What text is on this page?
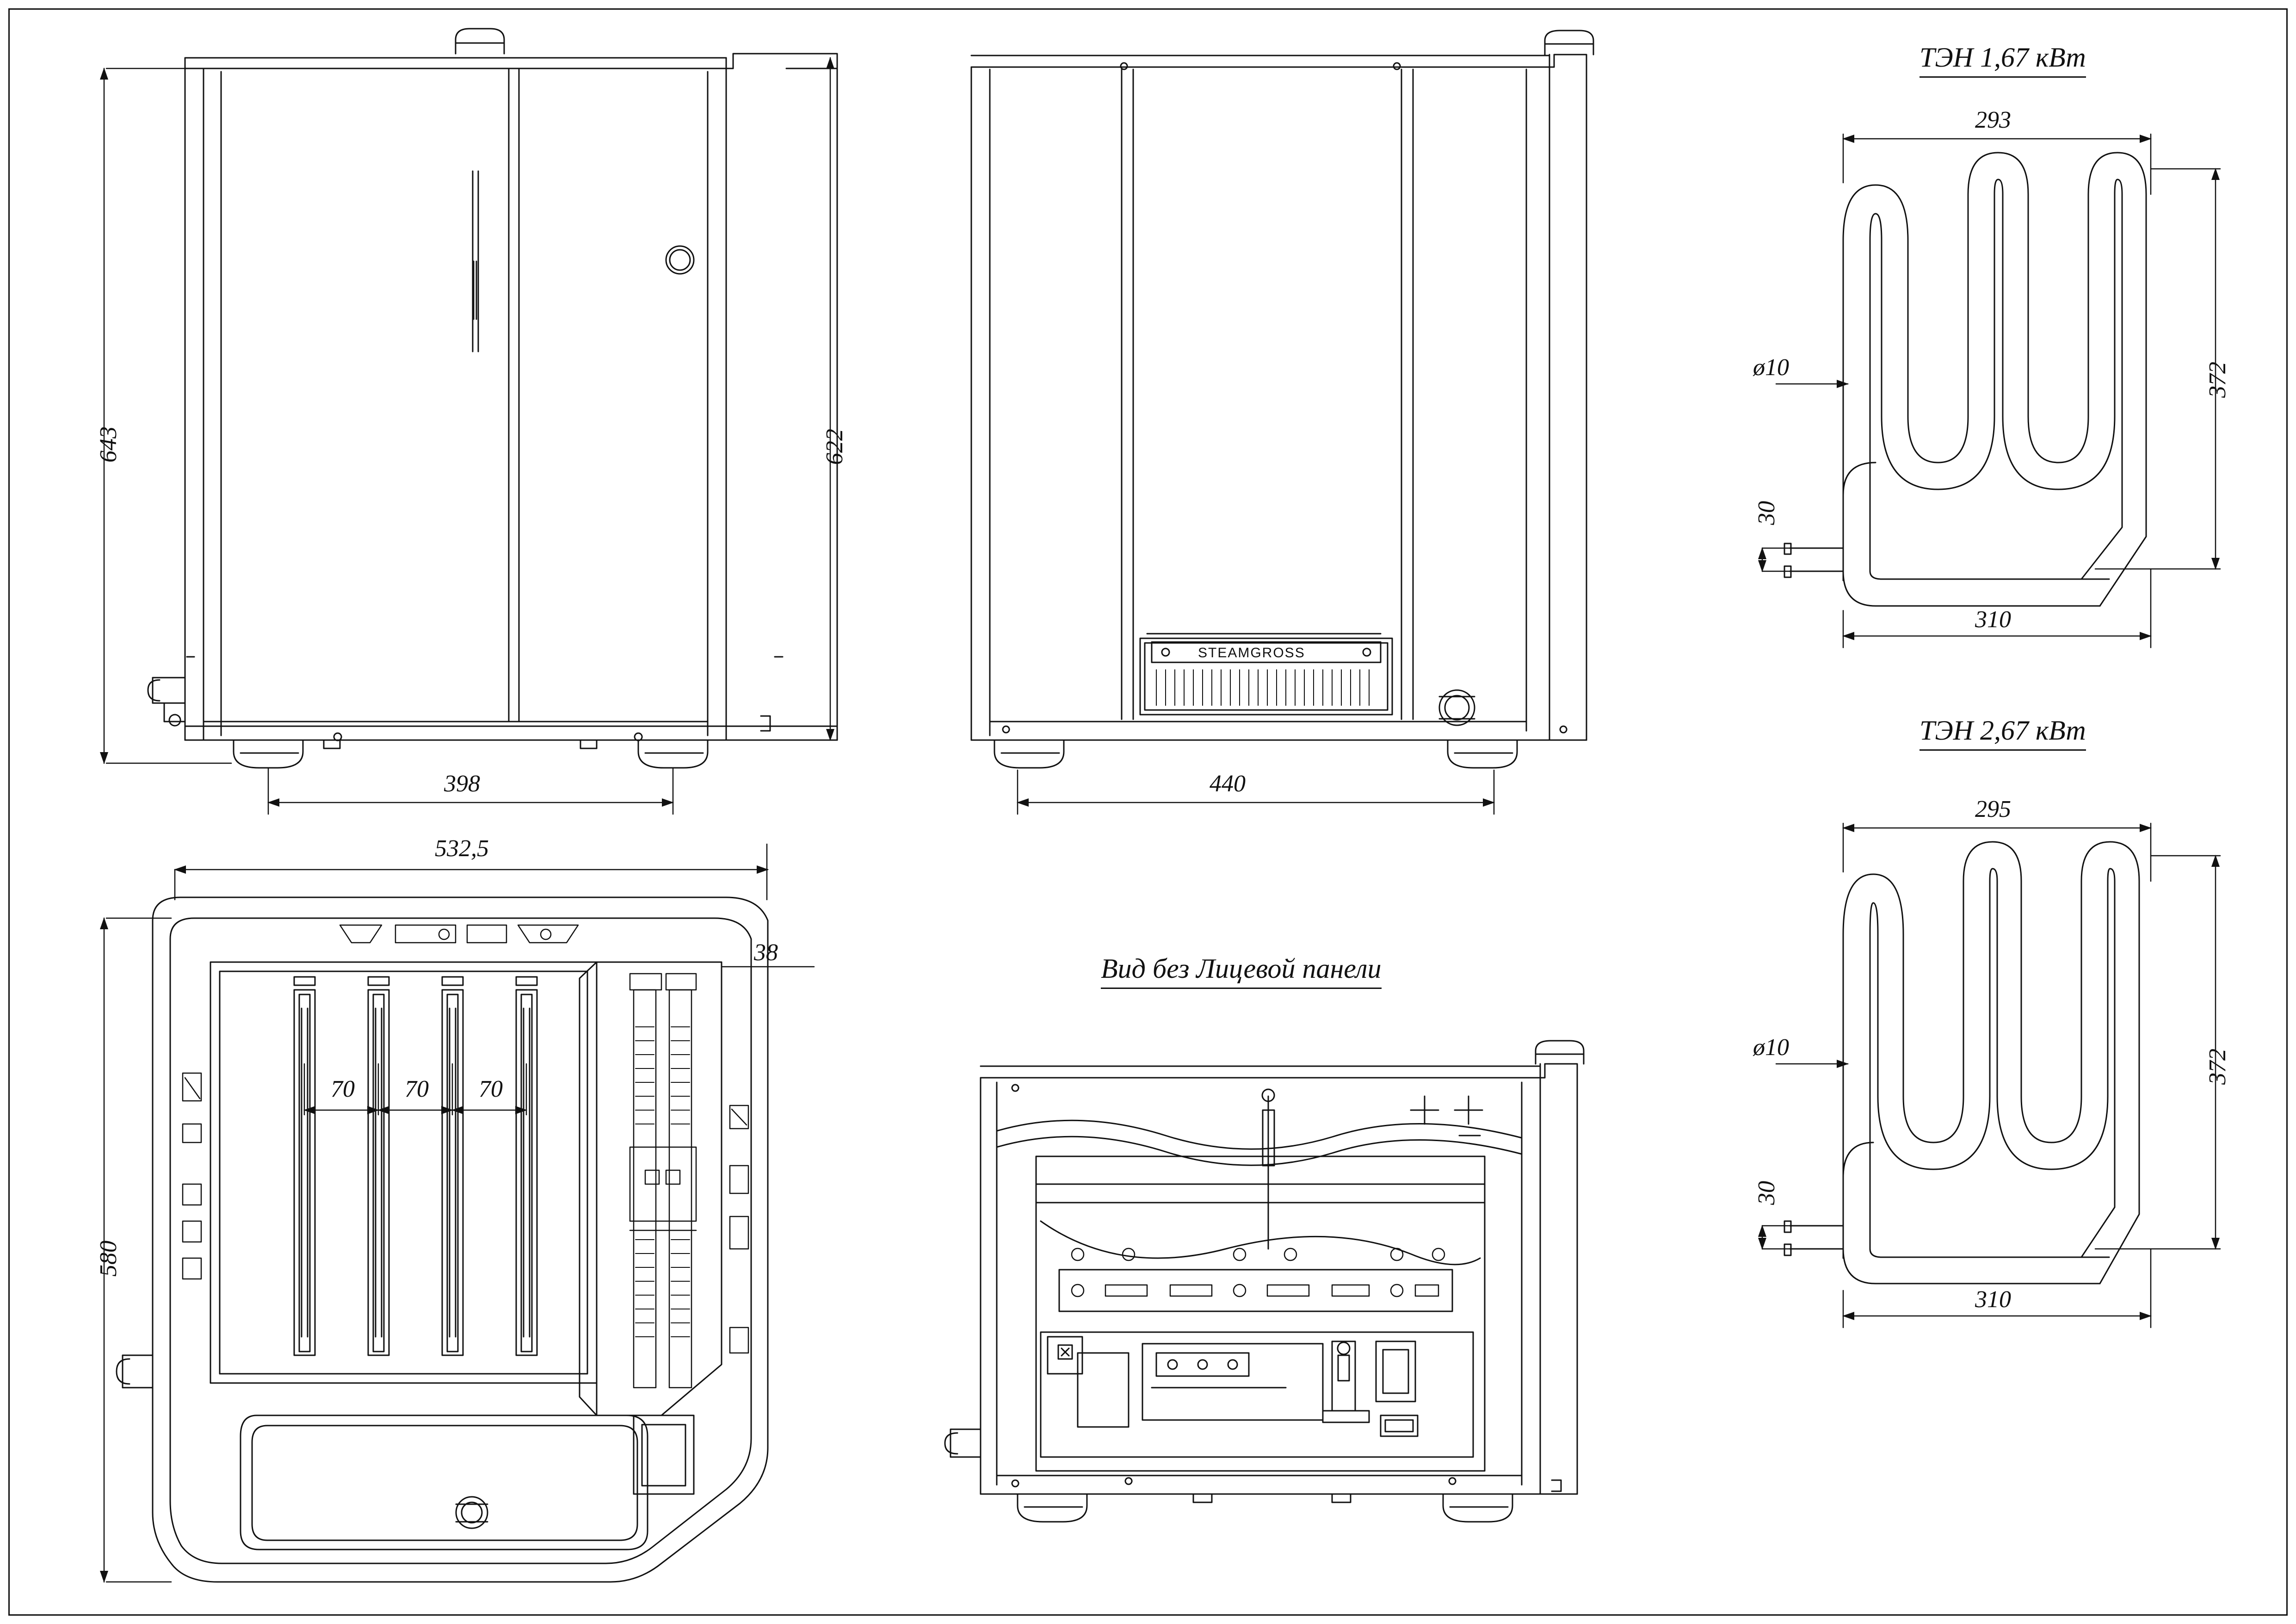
643	622
398	440
STEAMGROSS
532,5
580
38
70 70 70
Вид без Лицевой панели
ТЭН 1,67 кВт
293
372
310
ø10
30
ТЭН 2,67 кВт
295
372
310
ø10
30
